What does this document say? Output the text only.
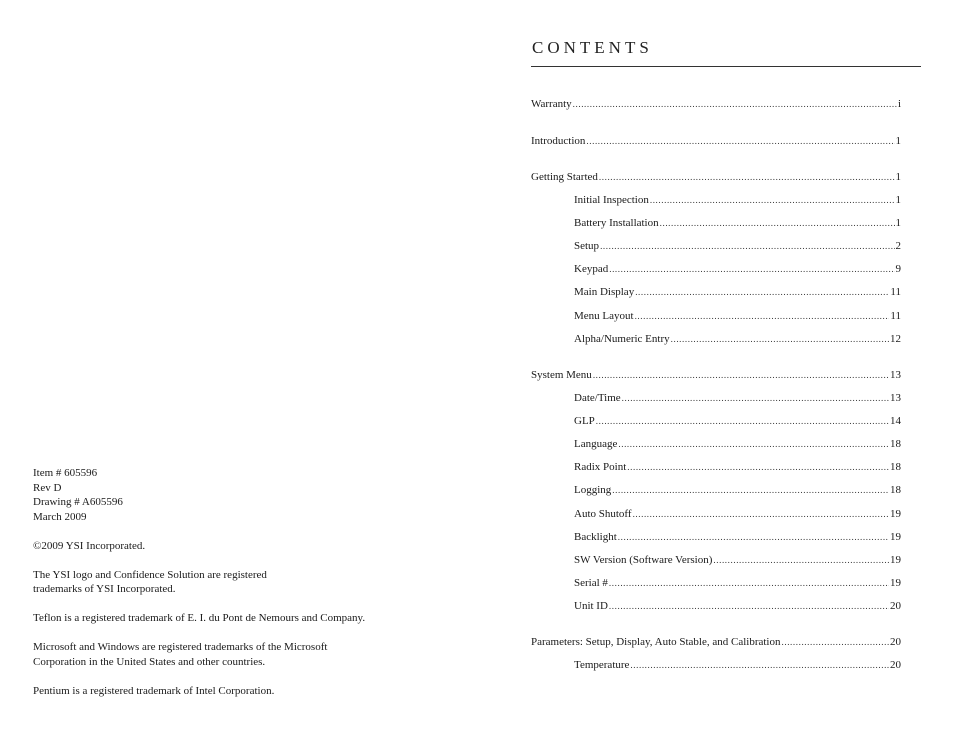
Item # 605596
Rev D
Drawing # A605596
March 2009

©2009 YSI Incorporated.

The YSI logo and Confidence Solution are registered
trademarks of YSI Incorporated.

Teflon is a registered trademark of E. I. du Pont de Nemours and Company.

Microsoft and Windows are registered trademarks of the Microsoft
Corporation in the United States and other countries.

Pentium is a registered trademark of Intel Corporation.

CONTENTS
Warranty .....	i
Introduction .....	1
Getting Started .....	1
Initial Inspection .....	1
Battery Installation .....	1
Setup .....	2
Keypad .....	9
Main Display .....	11
Menu Layout .....	11
Alpha/Numeric Entry .....	12
System Menu .....	13
Date/Time .....	13
GLP .....	14
Language .....	18
Radix Point .....	18
Logging .....	18
Auto Shutoff .....	19
Backlight .....	19
SW Version (Software Version) .....	19
Serial # .....	19
Unit ID .....	20
Parameters: Setup, Display, Auto Stable, and Calibration .....	20
Temperature .....	20
